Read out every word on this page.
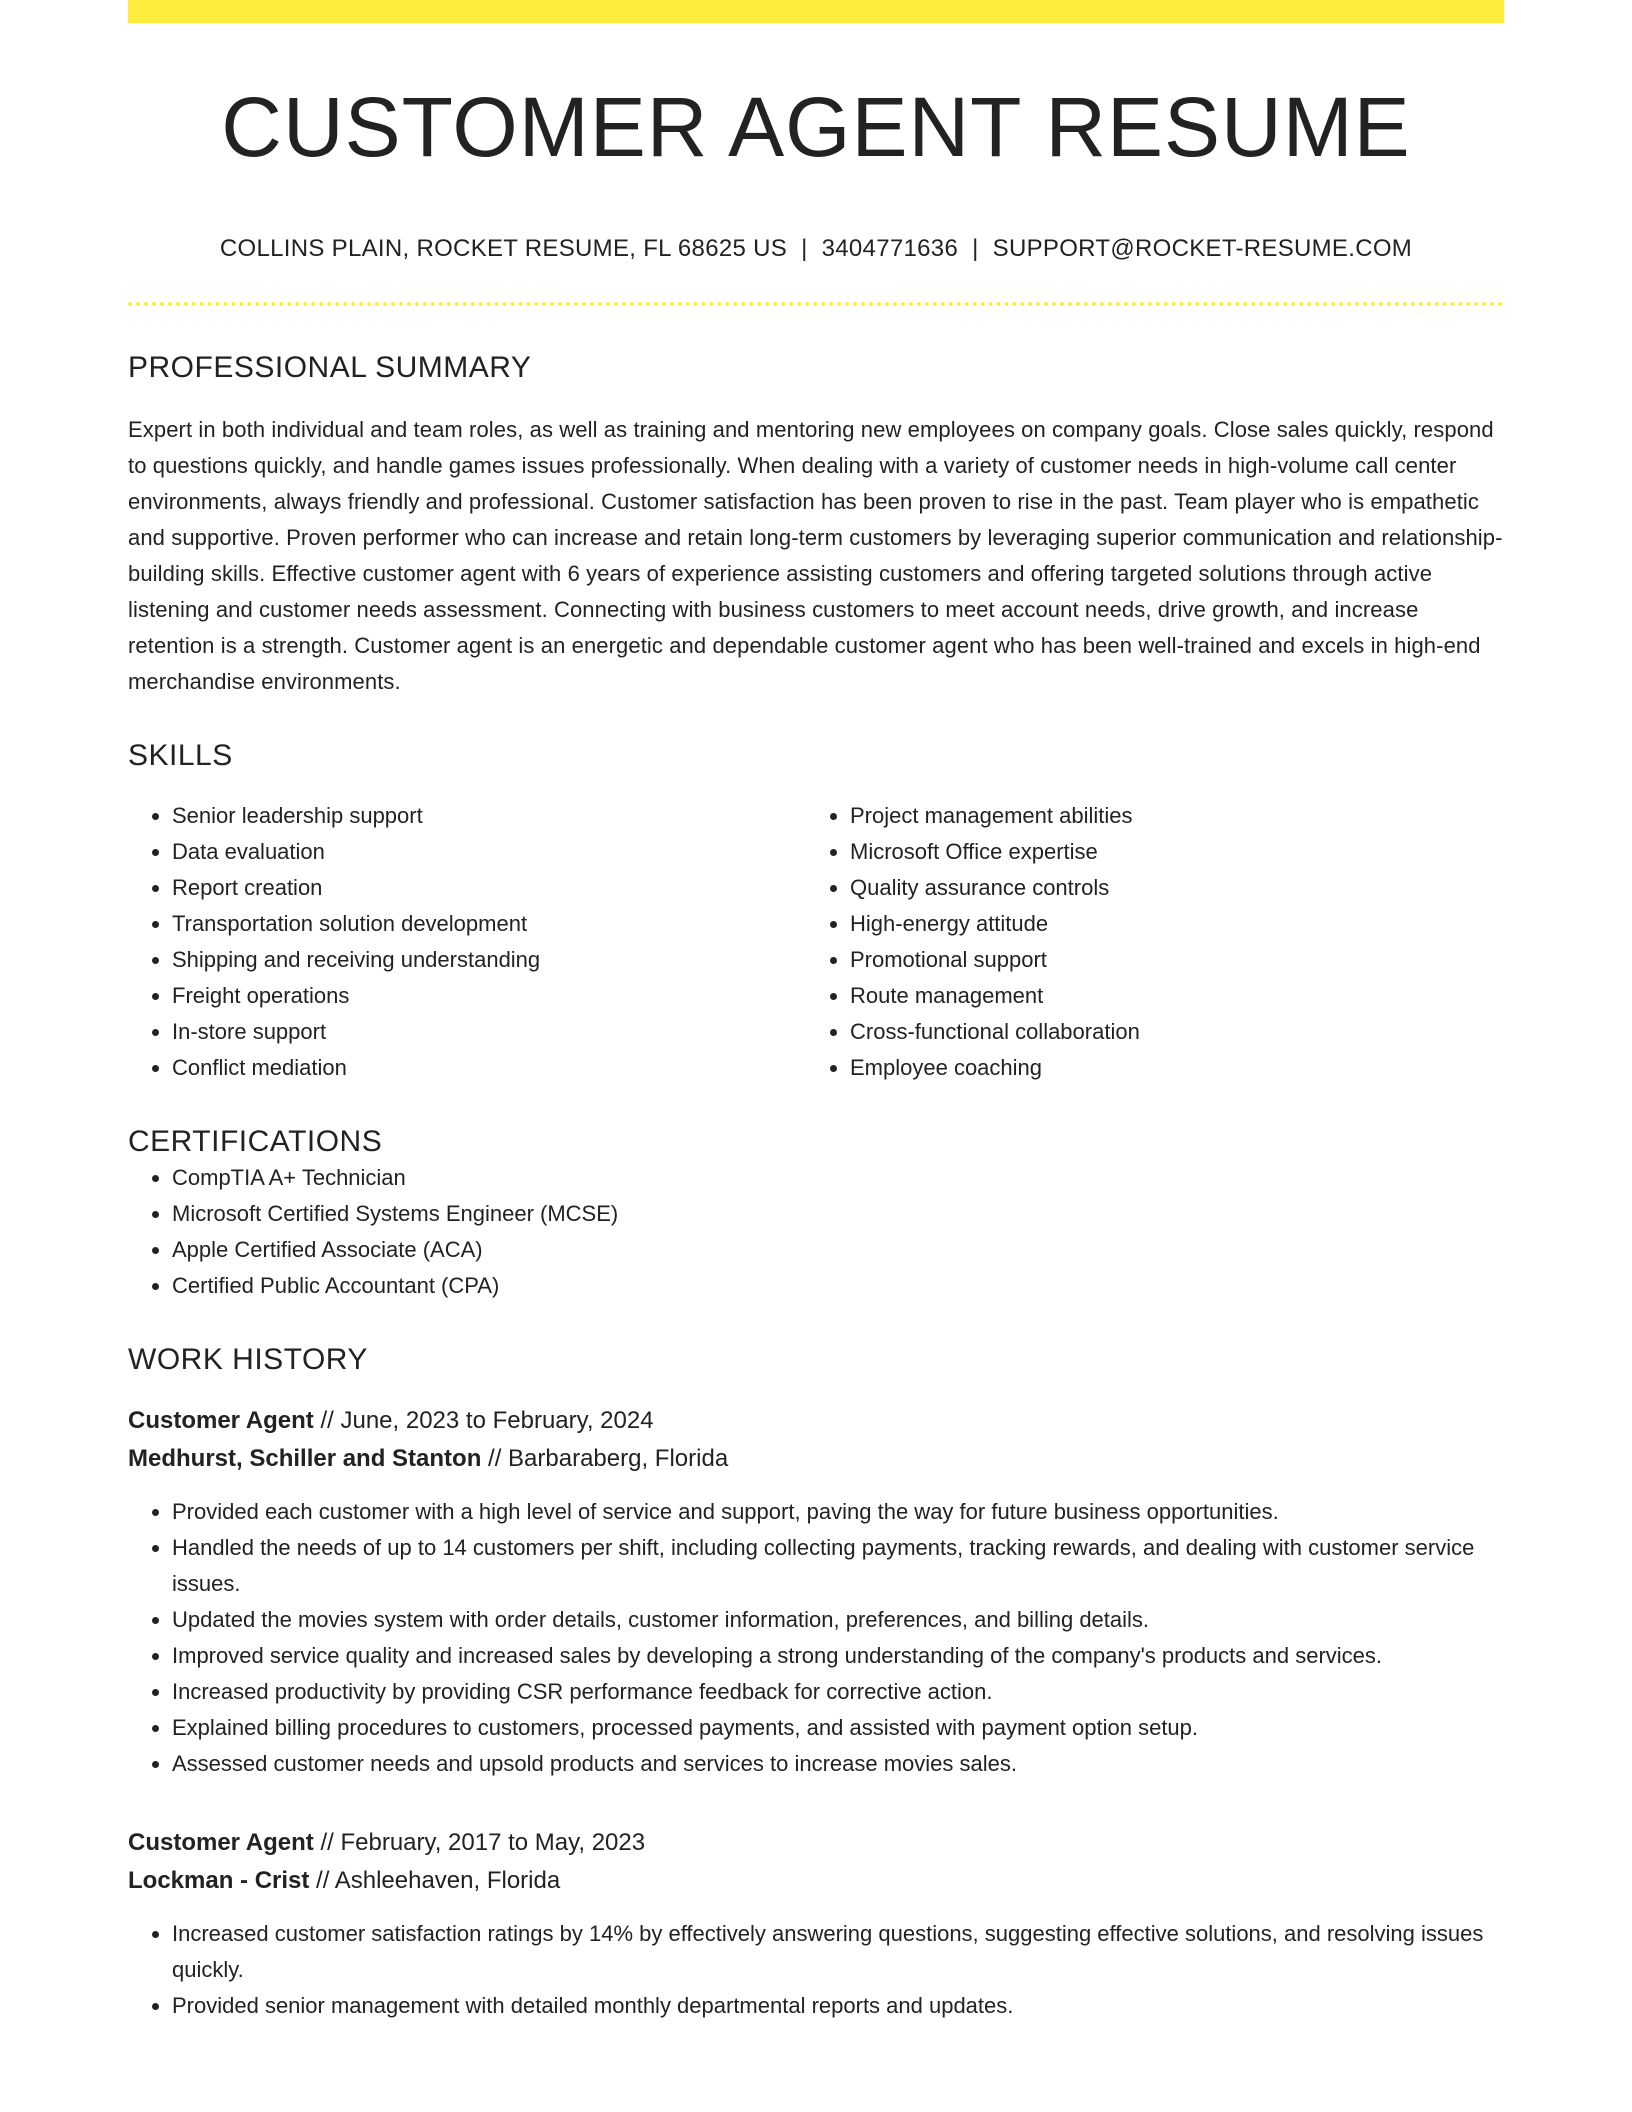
CUSTOMER AGENT RESUME
COLLINS PLAIN, ROCKET RESUME, FL 68625 US | 3404771636 | SUPPORT@ROCKET-RESUME.COM
PROFESSIONAL SUMMARY
Expert in both individual and team roles, as well as training and mentoring new employees on company goals. Close sales quickly, respond to questions quickly, and handle games issues professionally. When dealing with a variety of customer needs in high-volume call center environments, always friendly and professional. Customer satisfaction has been proven to rise in the past. Team player who is empathetic and supportive. Proven performer who can increase and retain long-term customers by leveraging superior communication and relationship-building skills. Effective customer agent with 6 years of experience assisting customers and offering targeted solutions through active listening and customer needs assessment. Connecting with business customers to meet account needs, drive growth, and increase retention is a strength. Customer agent is an energetic and dependable customer agent who has been well-trained and excels in high-end merchandise environments.
SKILLS
• Senior leadership support
• Data evaluation
• Report creation
• Transportation solution development
• Shipping and receiving understanding
• Freight operations
• In-store support
• Conflict mediation
• Project management abilities
• Microsoft Office expertise
• Quality assurance controls
• High-energy attitude
• Promotional support
• Route management
• Cross-functional collaboration
• Employee coaching
CERTIFICATIONS
• CompTIA A+ Technician
• Microsoft Certified Systems Engineer (MCSE)
• Apple Certified Associate (ACA)
• Certified Public Accountant (CPA)
WORK HISTORY
Customer Agent // June, 2023 to February, 2024
Medhurst, Schiller and Stanton // Barbaraberg, Florida
• Provided each customer with a high level of service and support, paving the way for future business opportunities.
• Handled the needs of up to 14 customers per shift, including collecting payments, tracking rewards, and dealing with customer service issues.
• Updated the movies system with order details, customer information, preferences, and billing details.
• Improved service quality and increased sales by developing a strong understanding of the company's products and services.
• Increased productivity by providing CSR performance feedback for corrective action.
• Explained billing procedures to customers, processed payments, and assisted with payment option setup.
• Assessed customer needs and upsold products and services to increase movies sales.
Customer Agent // February, 2017 to May, 2023
Lockman - Crist // Ashleehaven, Florida
• Increased customer satisfaction ratings by 14% by effectively answering questions, suggesting effective solutions, and resolving issues quickly.
• Provided senior management with detailed monthly departmental reports and updates.
